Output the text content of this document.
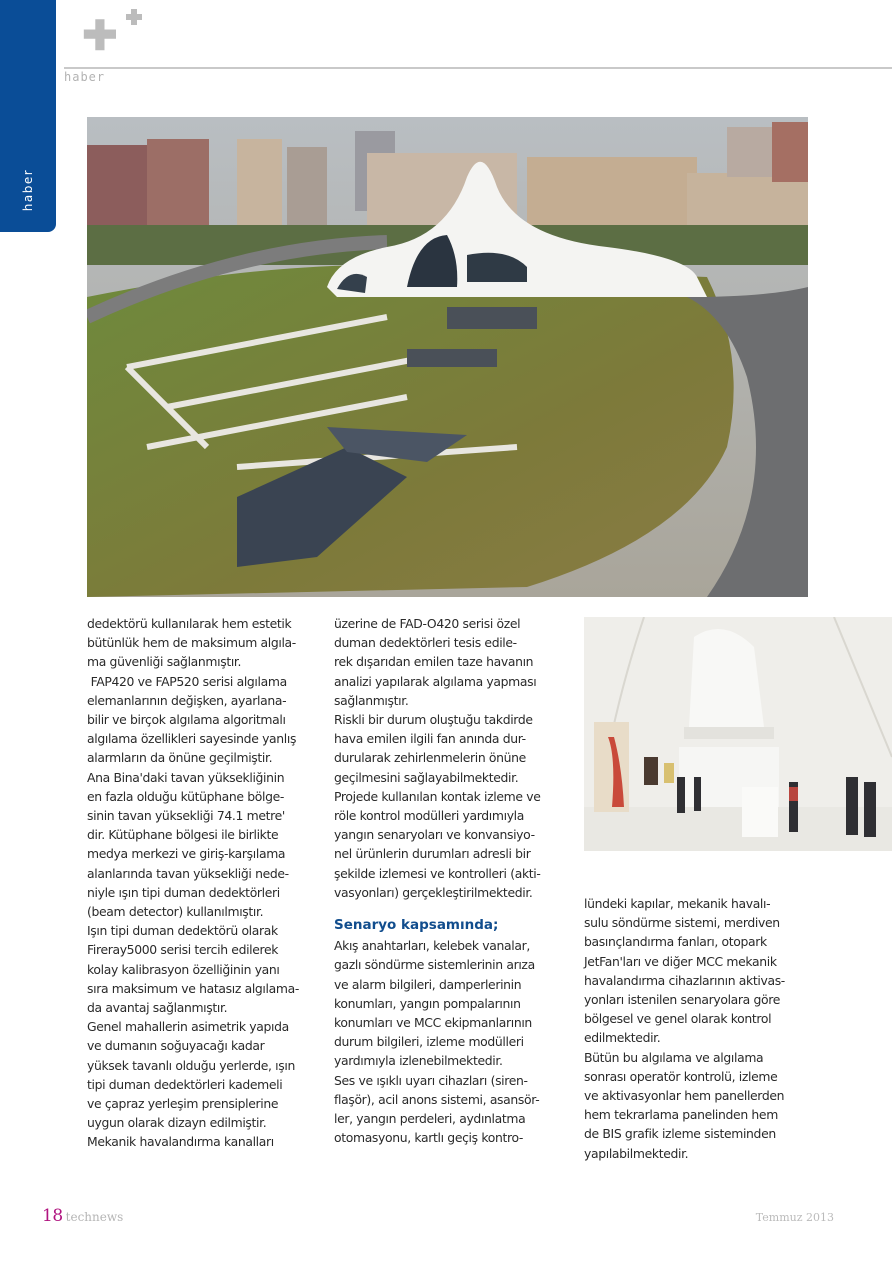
haber
haber

dedektörü kullanılarak hem estetik

bütünlük hem de maksimum algıla-

ma güvenliği sağlanmıştır.

FAP420 ve FAP520 serisi algılama

elemanlarının değişken, ayarlana-

bilir ve birçok algılama algoritmalı

algılama özellikleri sayesinde yanlış

alarmların da önüne geçilmiştir.

Ana Bina'daki tavan yüksekliğinin

en fazla olduğu kütüphane bölge-

sinin tavan yüksekliği 74.1 metre'

dir. Kütüphane bölgesi ile birlikte

medya merkezi ve giriş-karşılama

alanlarında tavan yüksekliği nede-

niyle ışın tipi duman dedektörleri

(beam detector) kullanılmıştır.

Işın tipi duman dedektörü olarak

Fireray5000 serisi tercih edilerek

kolay kalibrasyon özelliğinin yanı

sıra maksimum ve hatasız algılama-

da avantaj sağlanmıştır.

Genel mahallerin asimetrik yapıda

ve dumanın soğuyacağı kadar

yüksek tavanlı olduğu yerlerde, ışın

tipi duman dedektörleri kademeli

ve çapraz yerleşim prensiplerine

uygun olarak dizayn edilmiştir.

Mekanik havalandırma kanalları

üzerine de FAD-O420 serisi özel

duman dedektörleri tesis edile-

rek dışarıdan emilen taze havanın

analizi yapılarak algılama yapması

sağlanmıştır.

Riskli bir durum oluştuğu takdirde

hava emilen ilgili fan anında dur-

durularak zehirlenmelerin önüne

geçilmesini sağlayabilmektedir.

Projede kullanılan kontak izleme ve

röle kontrol modülleri yardımıyla

yangın senaryoları ve konvansiyo-

nel ürünlerin durumları adresli bir

şekilde izlemesi ve kontrolleri (akti-

vasyonları) gerçekleştirilmektedir.

Senaryo kapsamında;

Akış anahtarları, kelebek vanalar,

gazlı söndürme sistemlerinin arıza

ve alarm bilgileri, damperlerinin

konumları, yangın pompalarının

konumları ve MCC ekipmanlarının

durum bilgileri, izleme modülleri

yardımıyla izlenebilmektedir.

Ses ve ışıklı uyarı cihazları (siren-

flaşör), acil anons sistemi, asansör-

ler, yangın perdeleri, aydınlatma

otomasyonu, kartlı geçiş kontro-

lündeki kapılar, mekanik havalı-

sulu söndürme sistemi, merdiven

basınçlandırma fanları, otopark

JetFan'ları ve diğer MCC mekanik

havalandırma cihazlarının aktivas-

yonları istenilen senaryolara göre

bölgesel ve genel olarak kontrol

edilmektedir.

Bütün bu algılama ve algılama

sonrası operatör kontrolü, izleme

ve aktivasyonlar hem panellerden

hem tekrarlama panelinden hem

de BIS grafik izleme sisteminden

yapılabilmektedir.

18 technews	Temmuz 2013
